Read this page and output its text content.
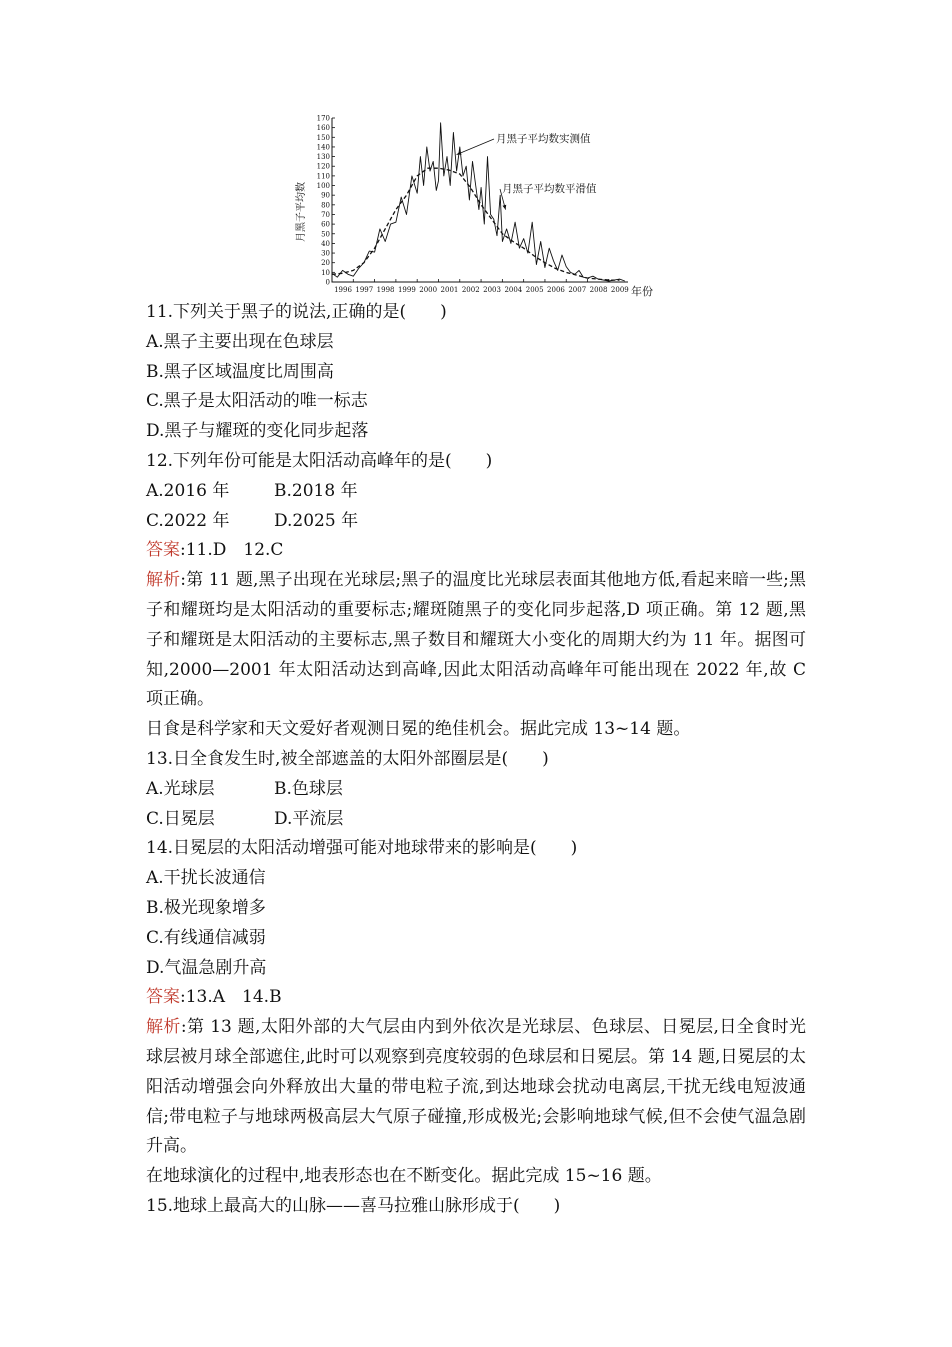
月黑子平均数
0
10
20
30
40
50
60
70
80
90
100
110
120
130
140
150
160
170
1996 1997 1998 1999 2000 2001 2002 2003 2004 2005 2006 2007 2008 2009
月黑子平均数实测值
月黑子平均数平滑值
年份
11.下列关于黑子的说法,正确的是(　　)
A.黑子主要出现在色球层
B.黑子区域温度比周围高
C.黑子是太阳活动的唯一标志
D.黑子与耀斑的变化同步起落
12.下列年份可能是太阳活动高峰年的是(　　)
A.2016 年	B.2018 年
C.2022 年	D.2025 年
答案:11.D　12.C
解析:第 11 题,黑子出现在光球层;黑子的温度比光球层表面其他地方低,看起来暗一些;黑子和耀斑均是太阳活动的重要标志;耀斑随黑子的变化同步起落,D 项正确。第 12 题,黑子和耀斑是太阳活动的主要标志,黑子数目和耀斑大小变化的周期大约为 11 年。据图可知,2000—2001 年太阳活动达到高峰,因此太阳活动高峰年可能出现在 2022 年,故 C 项正确。
日食是科学家和天文爱好者观测日冕的绝佳机会。据此完成 13~14 题。
13.日全食发生时,被全部遮盖的太阳外部圈层是(　　)
A.光球层	B.色球层
C.日冕层	D.平流层
14.日冕层的太阳活动增强可能对地球带来的影响是(　　)
A.干扰长波通信
B.极光现象增多
C.有线通信减弱
D.气温急剧升高
答案:13.A　14.B
解析:第 13 题,太阳外部的大气层由内到外依次是光球层、色球层、日冕层,日全食时光球层被月球全部遮住,此时可以观察到亮度较弱的色球层和日冕层。第 14 题,日冕层的太阳活动增强会向外释放出大量的带电粒子流,到达地球会扰动电离层,干扰无线电短波通信;带电粒子与地球两极高层大气原子碰撞,形成极光;会影响地球气候,但不会使气温急剧升高。
在地球演化的过程中,地表形态也在不断变化。据此完成 15~16 题。
15.地球上最高大的山脉——喜马拉雅山脉形成于(　　)
